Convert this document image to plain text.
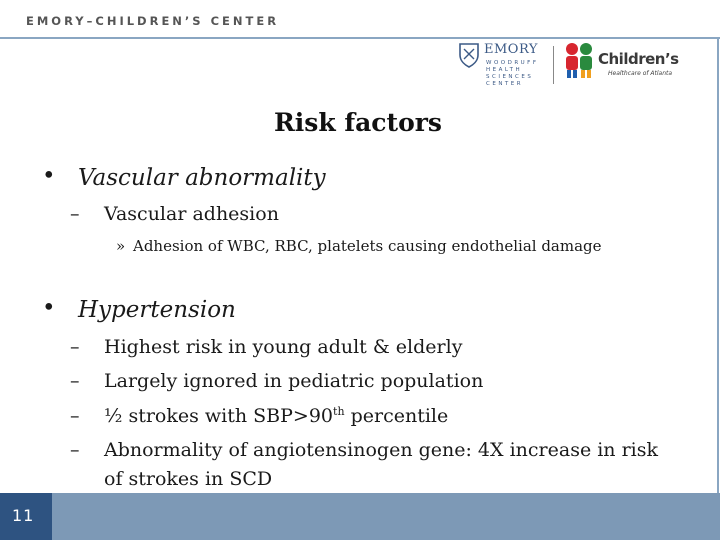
EMORY–CHILDREN’S CENTER
EMORY
WOODRUFF
HEALTH
SCIENCES
CENTER
Children’s
Healthcare of Atlanta
Risk factors
• Vascular abnormality
– Vascular adhesion
» Adhesion of WBC, RBC, platelets causing endothelial damage
• Hypertension
– Highest risk in young adult & elderly
– Largely ignored in pediatric population
– ½ strokes with SBP>90th percentile
– Abnormality of angiotensinogen gene: 4X increase in risk
of strokes in SCD
11
